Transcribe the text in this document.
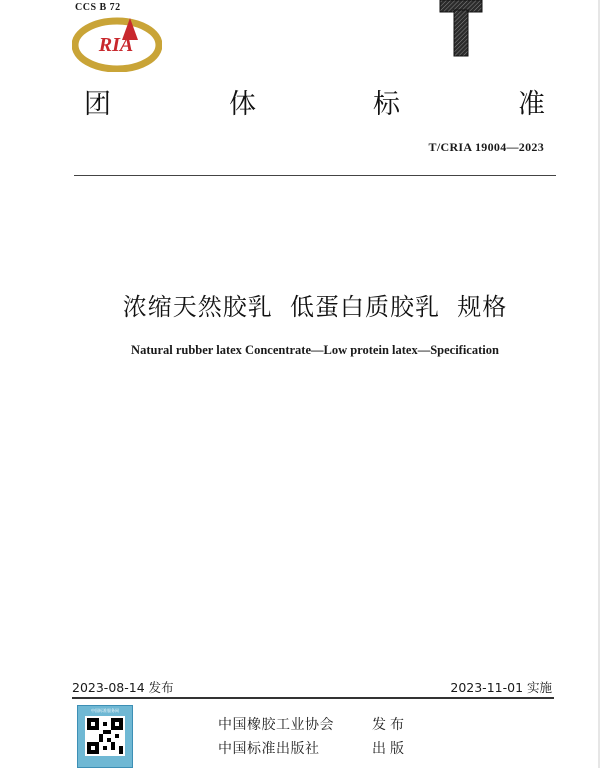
CCS B 72
RIA
T
团	体	标	准
T/CRIA 19004—2023
浓缩天然胶乳  低蛋白质胶乳  规格
Natural rubber latex Concentrate—Low protein latex—Specification
2023-08-14 发布	2023-11-01 实施
中国标准服务网
中国橡胶工业协会	发布
中国标准出版社	出版
